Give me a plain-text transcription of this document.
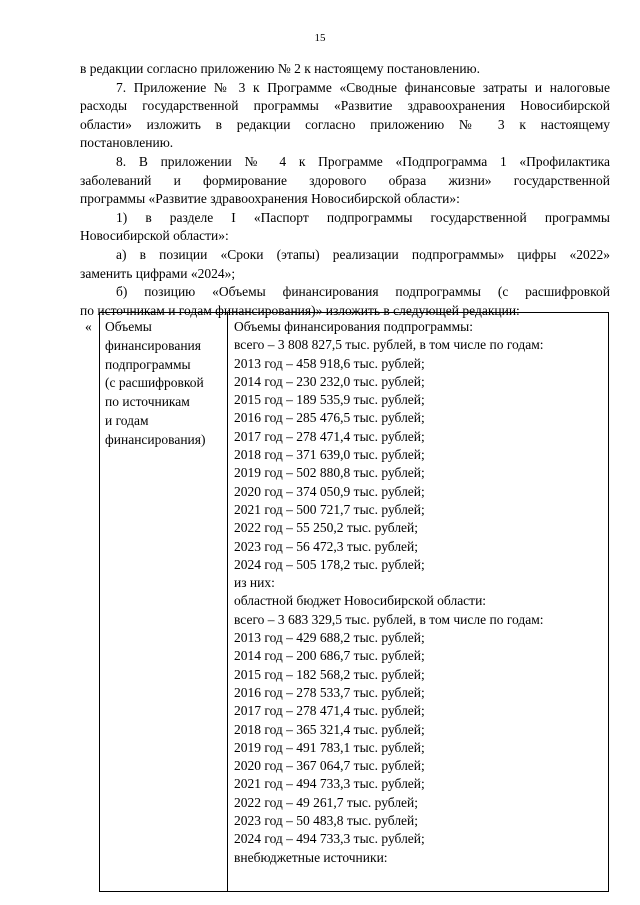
15
в редакции согласно приложению № 2 к настоящему постановлению.
7. Приложение № 3 к Программе «Сводные финансовые затраты и налоговые
расходы государственной программы «Развитие здравоохранения Новосибирской
области» изложить в редакции согласно приложению № 3 к настоящему
постановлению.
8. В приложении № 4 к Программе «Подпрограмма 1 «Профилактика
заболеваний и формирование здорового образа жизни» государственной
программы «Развитие здравоохранения Новосибирской области»:
1) в разделе I «Паспорт подпрограммы государственной программы
Новосибирской области»:
а) в позиции «Сроки (этапы) реализации подпрограммы» цифры «2022»
заменить цифрами «2024»;
б) позицию «Объемы финансирования подпрограммы (с расшифровкой
по источникам и годам финансирования)» изложить в следующей редакции:
« Объемы
финансирования
подпрограммы
(с расшифровкой
по источникам
и годам
финансирования)
Объемы финансирования подпрограммы:
всего – 3 808 827,5 тыс. рублей, в том числе по годам:
2013 год – 458 918,6 тыс. рублей;
2014 год – 230 232,0 тыс. рублей;
2015 год – 189 535,9 тыс. рублей;
2016 год – 285 476,5 тыс. рублей;
2017 год – 278 471,4 тыс. рублей;
2018 год – 371 639,0 тыс. рублей;
2019 год – 502 880,8 тыс. рублей;
2020 год – 374 050,9 тыс. рублей;
2021 год – 500 721,7 тыс. рублей;
2022 год – 55 250,2 тыс. рублей;
2023 год – 56 472,3 тыс. рублей;
2024 год – 505 178,2 тыс. рублей;
из них:
областной бюджет Новосибирской области:
всего – 3 683 329,5 тыс. рублей, в том числе по годам:
2013 год – 429 688,2 тыс. рублей;
2014 год – 200 686,7 тыс. рублей;
2015 год – 182 568,2 тыс. рублей;
2016 год – 278 533,7 тыс. рублей;
2017 год – 278 471,4 тыс. рублей;
2018 год – 365 321,4 тыс. рублей;
2019 год – 491 783,1 тыс. рублей;
2020 год – 367 064,7 тыс. рублей;
2021 год – 494 733,3 тыс. рублей;
2022 год – 49 261,7 тыс. рублей;
2023 год – 50 483,8 тыс. рублей;
2024 год – 494 733,3 тыс. рублей;
внебюджетные источники:
